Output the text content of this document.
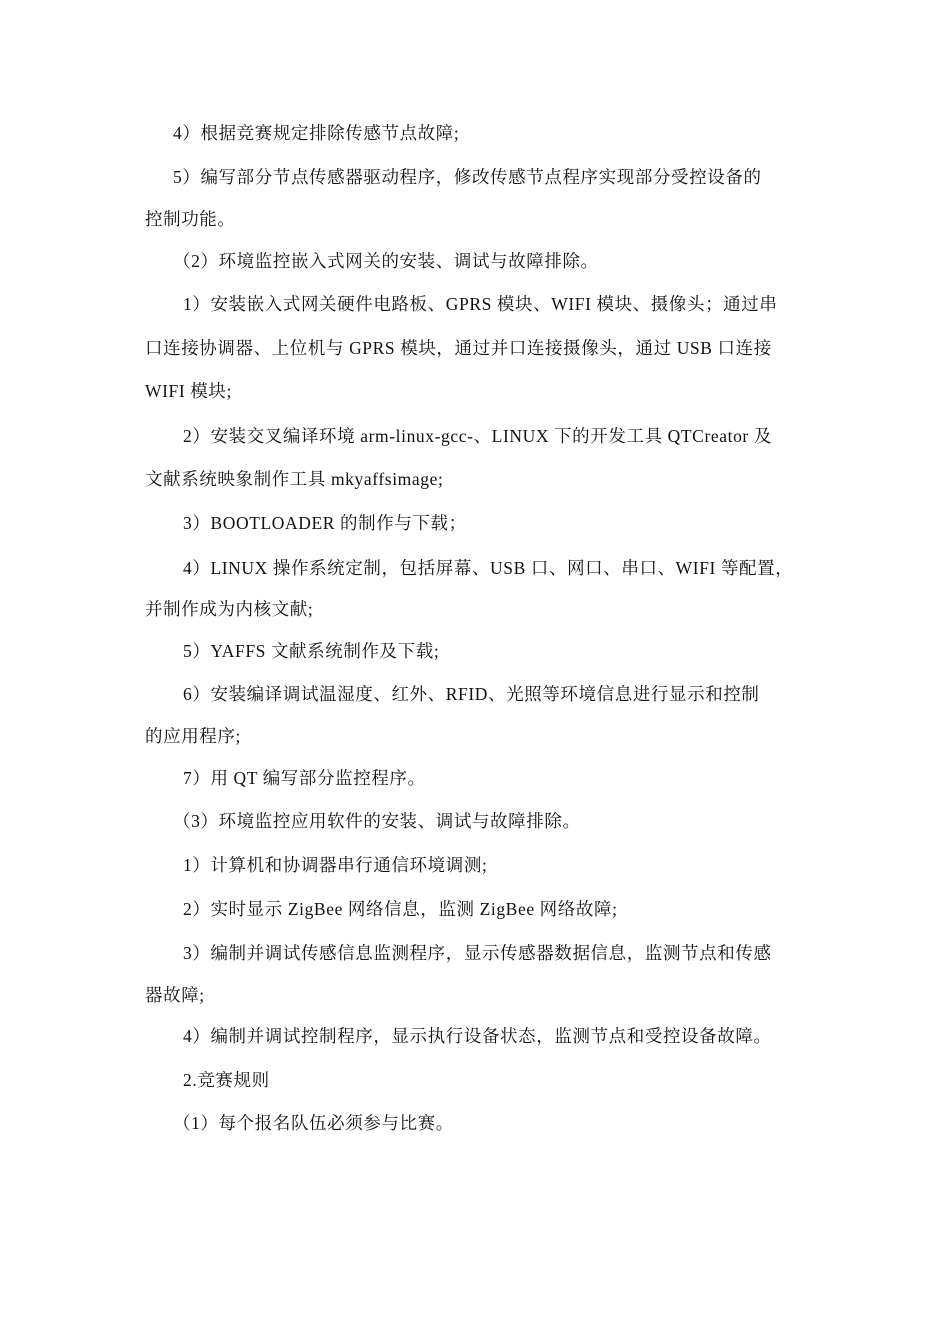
4）根据竞赛规定排除传感节点故障;
5）编写部分节点传感器驱动程序，修改传感节点程序实现部分受控设备的
控制功能。
（2）环境监控嵌入式网关的安装、调试与故障排除。
1）安装嵌入式网关硬件电路板、GPRS 模块、WIFI 模块、摄像头；通过串
口连接协调器、上位机与 GPRS 模块，通过并口连接摄像头，通过 USB 口连接
WIFI 模块;
2）安装交叉编译环境 arm-linux-gcc-、LINUX 下的开发工具 QTCreator 及
文献系统映象制作工具 mkyaffsimage;
3）BOOTLOADER 的制作与下载；
4）LINUX 操作系统定制，包括屏幕、USB 口、网口、串口、WIFI 等配置，
并制作成为内核文献;
5）YAFFS 文献系统制作及下载;
6）安装编译调试温湿度、红外、RFID、光照等环境信息进行显示和控制
的应用程序;
7）用 QT 编写部分监控程序。
（3）环境监控应用软件的安装、调试与故障排除。
1）计算机和协调器串行通信环境调测;
2）实时显示 ZigBee 网络信息，监测 ZigBee 网络故障;
3）编制并调试传感信息监测程序，显示传感器数据信息，监测节点和传感
器故障;
4）编制并调试控制程序，显示执行设备状态，监测节点和受控设备故障。
2.竞赛规则
（1）每个报名队伍必须参与比赛。
